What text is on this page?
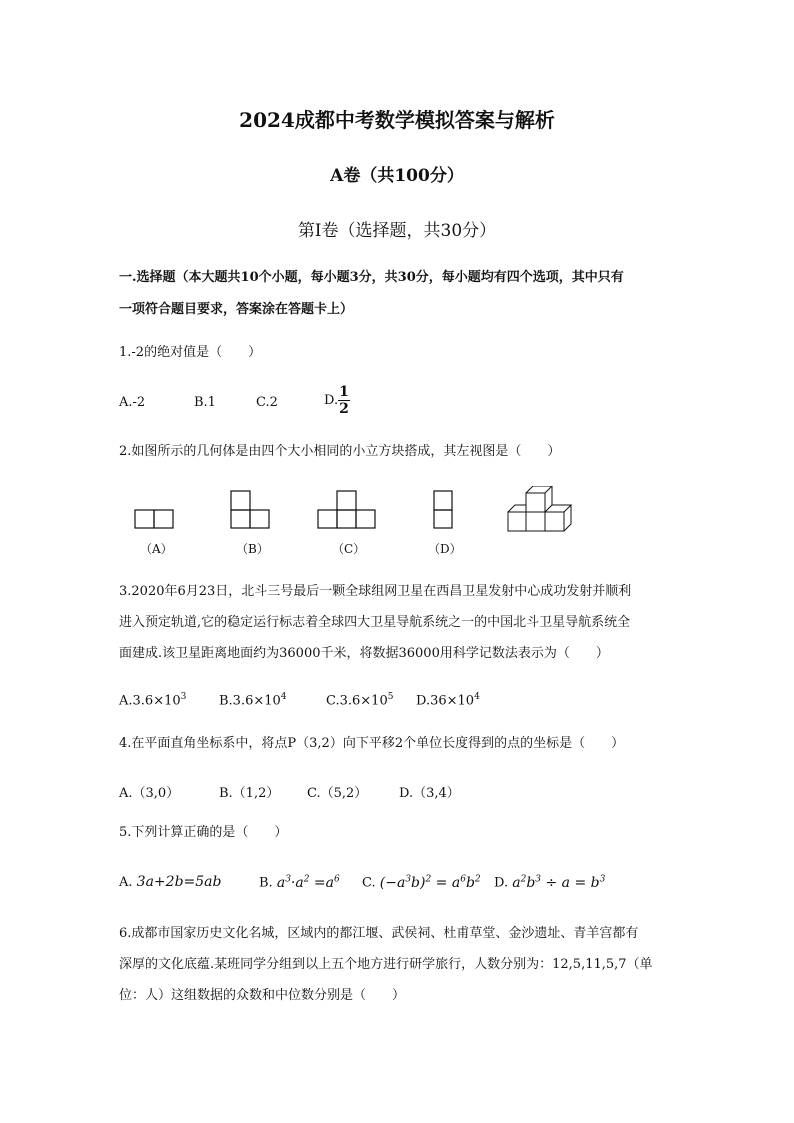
2024成都中考数学模拟答案与解析
A卷（共100分）
第I卷（选择题，共30分）
一.选择题（本大题共10个小题，每小题3分，共30分，每小题均有四个选项，其中只有
一项符合题目要求，答案涂在答题卡上）
1.-2的绝对值是（　　）
A.-2	B.1	C.2	D. $\frac{1}{2}$
2.如图所示的几何体是由四个大小相同的小立方块搭成，其左视图是（　　）
（A）	（B）	（C）	（D）
3.2020年6月23日，北斗三号最后一颗全球组网卫星在西昌卫星发射中心成功发射并顺利
进入预定轨道,它的稳定运行标志着全球四大卫星导航系统之一的中国北斗卫星导航系统全
面建成.该卫星距离地面约为36000千米，将数据36000用科学记数法表示为（　　）
$A.3.6\times 10^3$	$B.3.6\times 10^4$	$C.3.6\times 10^5$ $D.36\times 10^4$
4.在平面直角坐标系中，将点P（3,2）向下平移2个单位长度得到的点的坐标是（　　）
A.（3,0）	B.（1,2） C.（5,2） D.（3,4）
5.下列计算正确的是（　　）
A. 3a+2b=5ab	B. $a^3\cdot a^2 =a^6$ C. $(-a^3b)^2 = a^6b^2$ D. $a^2b^3 \div a = b^3$
6.成都市国家历史文化名城，区域内的都江堰、武侯祠、杜甫草堂、金沙遗址、青羊宫都有
深厚的文化底蕴.某班同学分组到以上五个地方进行研学旅行，人数分别为：12,5,11,5,7（单
位：人）这组数据的众数和中位数分别是（　　）
